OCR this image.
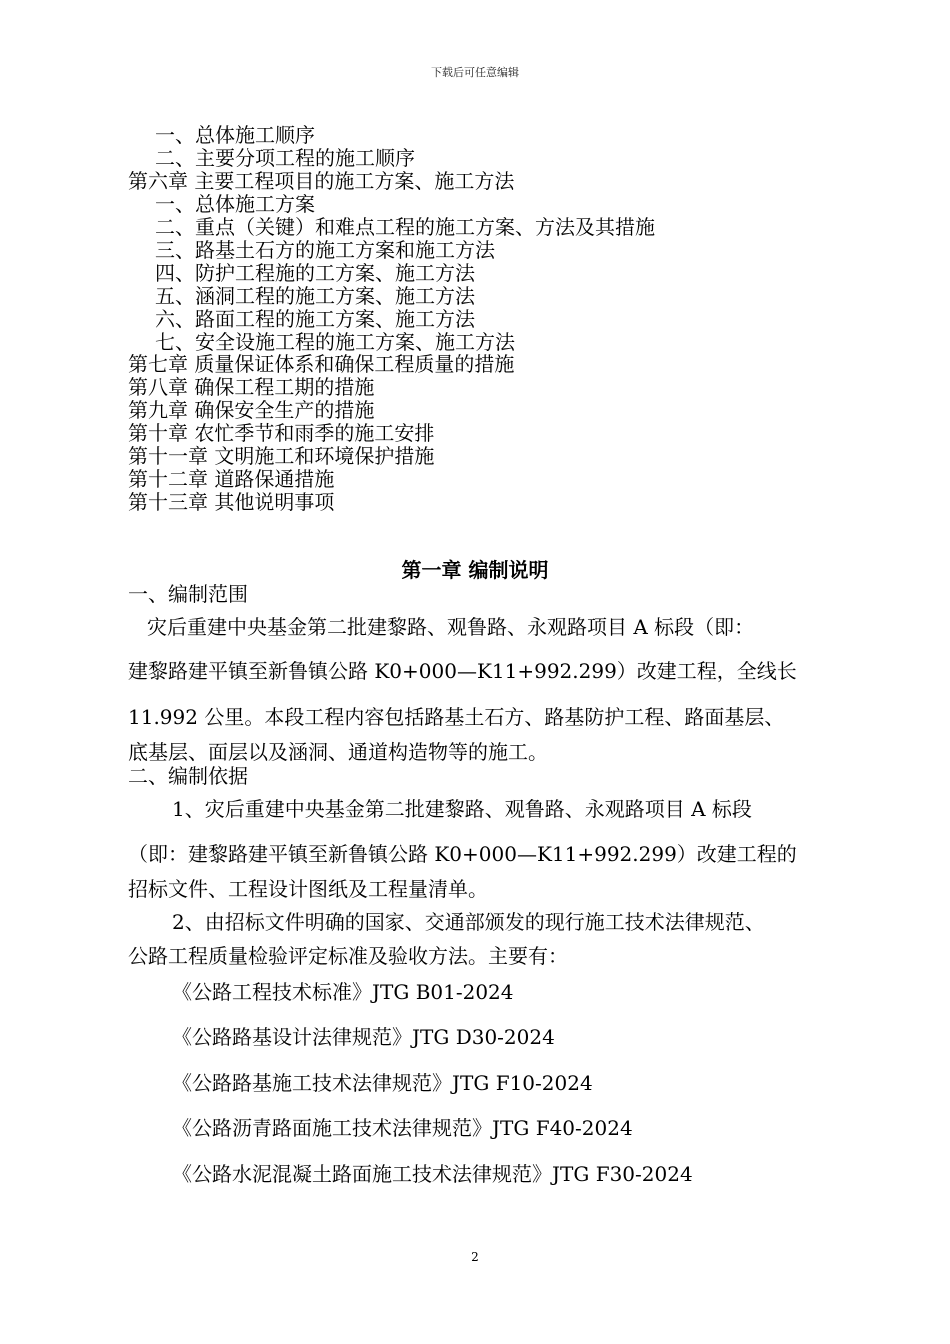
下载后可任意编辑
一、总体施工顺序
二、主要分项工程的施工顺序
第六章 主要工程项目的施工方案、施工方法
一、总体施工方案
二、重点（关键）和难点工程的施工方案、方法及其措施
三、路基土石方的施工方案和施工方法
四、防护工程施的工方案、施工方法
五、涵洞工程的施工方案、施工方法
六、路面工程的施工方案、施工方法
七、安全设施工程的施工方案、施工方法
第七章 质量保证体系和确保工程质量的措施
第八章 确保工程工期的措施
第九章 确保安全生产的措施
第十章 农忙季节和雨季的施工安排
第十一章 文明施工和环境保护措施
第十二章 道路保通措施
第十三章 其他说明事项
第一章 编制说明
一、编制范围
灾后重建中央基金第二批建黎路、观鲁路、永观路项目 A 标段（即：
建黎路建平镇至新鲁镇公路 K0+000—K11+992.299）改建工程，全线长
11.992 公里。本段工程内容包括路基土石方、路基防护工程、路面基层、
底基层、面层以及涵洞、通道构造物等的施工。
二、编制依据
1、灾后重建中央基金第二批建黎路、观鲁路、永观路项目 A 标段
（即：建黎路建平镇至新鲁镇公路 K0+000—K11+992.299）改建工程的
招标文件、工程设计图纸及工程量清单。
2、由招标文件明确的国家、交通部颁发的现行施工技术法律规范、
公路工程质量检验评定标准及验收方法。主要有：
《公路工程技术标准》JTG B01-2024
《公路路基设计法律规范》JTG D30-2024
《公路路基施工技术法律规范》JTG F10-2024
《公路沥青路面施工技术法律规范》JTG F40-2024
《公路水泥混凝土路面施工技术法律规范》JTG F30-2024
2
